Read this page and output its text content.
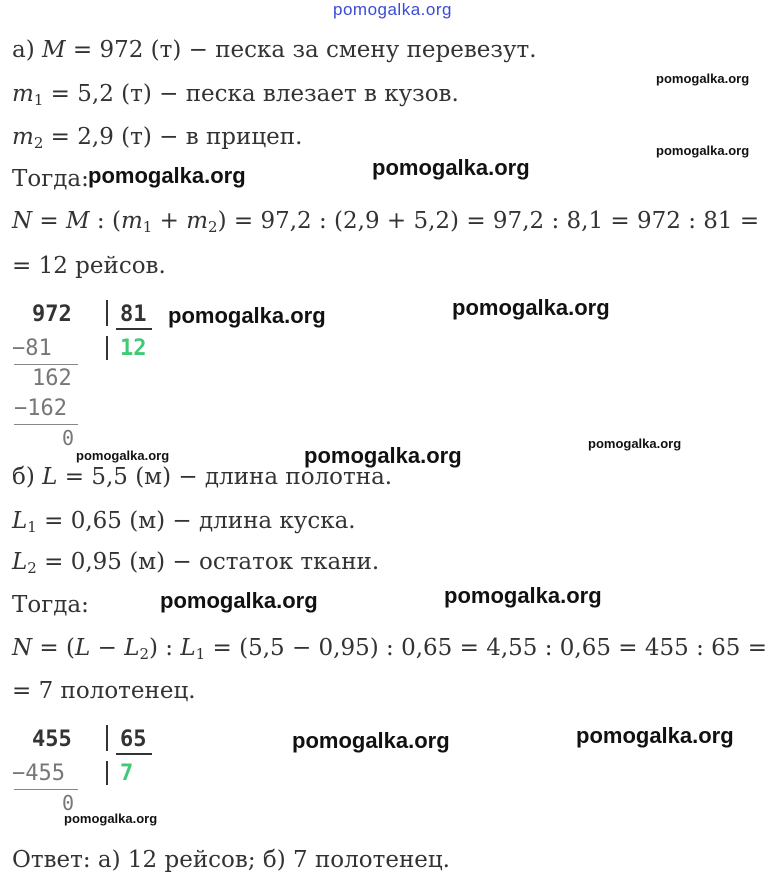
pomogalka.org
а) M = 972 (т) − песка за смену перевезут.
$m_1 = 5,2$ (т) − песка влезает в кузов.
$m_2 = 2,9$ (т) − в прицеп.
Тогда:
N = M : $(m_1 + m_2) = 97,2$ : (2,9 + 5,2) = 97,2 : 8,1 = 972 : 81 =
= 12 рейсов.
972 81
12
−81
162
−162
0
б) L = 5,5 (м) − длина полотна.
$L_1 = 0,65$ (м) − длина куска.
$L_2 = 0,95$ (м) − остаток ткани.
Тогда:
$N = (L - L_2)$ : $L_1 = (5,5 - 0,95)$ : 0,65 = 4,55 : 0,65 = 455 : 65 =
= 7 полотенец.
455 65
7
−455
0
Ответ: а) 12 рейсов; б) 7 полотенец.
pomogalka.org
pomogalka.org
pomogalka.org	pomogalka.org
pomogalka.org	pomogalka.org
pomogalka.org	pomogalka.org	pomogalka.org
pomogalka.org	pomogalka.org
pomogalka.org	pomogalka.org
pomogalka.org
